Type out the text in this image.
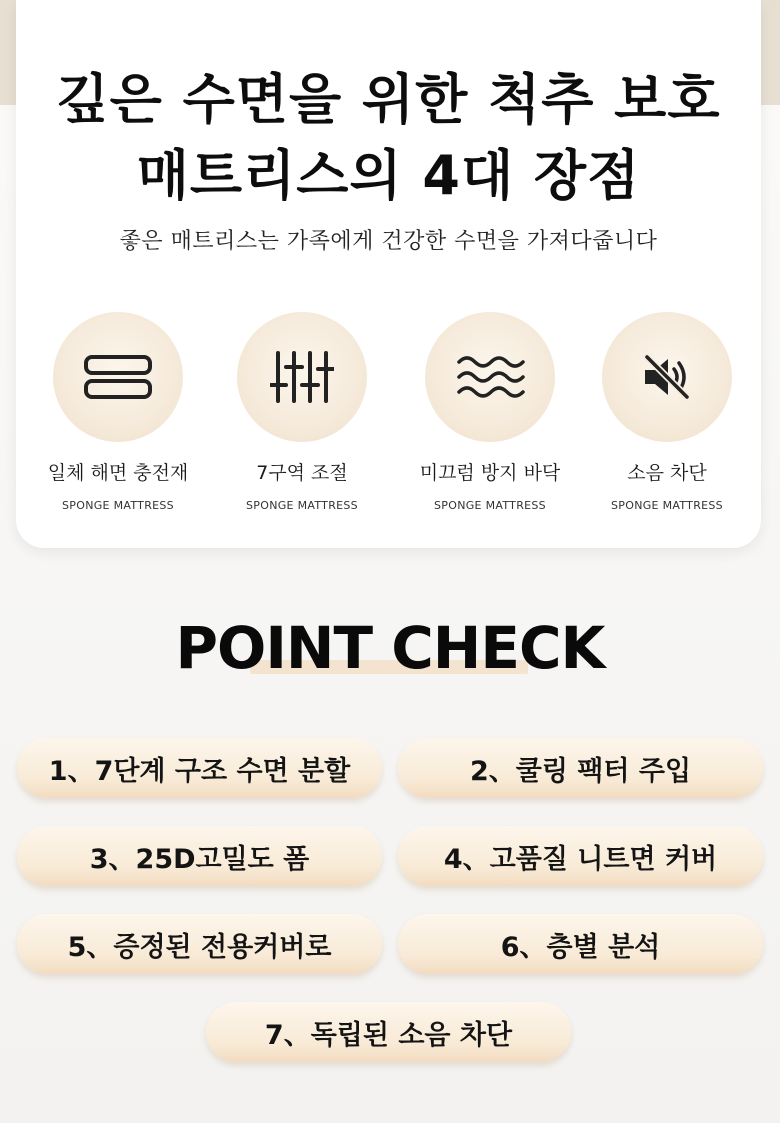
깊은 수면을 위한 척추 보호
매트리스의 4대 장점
좋은 매트리스는 가족에게 건강한 수면을 가져다줍니다
일체 해면 충전재
SPONGE MATTRESS
7구역 조절
SPONGE MATTRESS
미끄럼 방지 바닥
SPONGE MATTRESS
소음 차단
SPONGE MATTRESS
POINT CHECK
1、7단계 구조 수면 분할	2、쿨링 팩터 주입
3、25D고밀도 폼	4、고품질 니트면 커버
5、증정된 전용커버로	6、층별 분석
7、독립된 소음 차단
